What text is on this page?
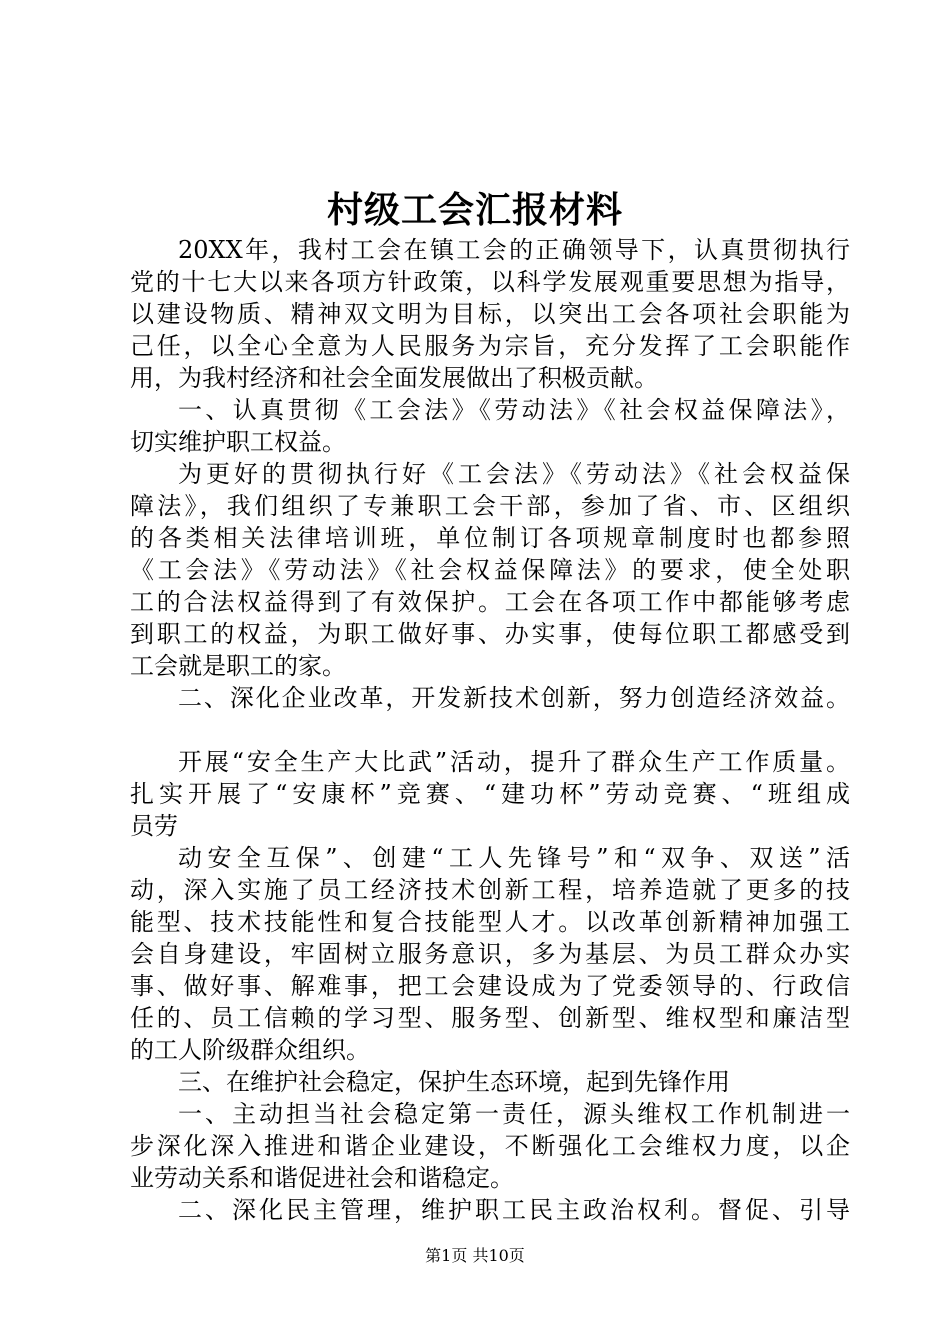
村级工会汇报材料
20XX年，我村工会在镇工会的正确领导下，认真贯彻执行
党的十七大以来各项方针政策，以科学发展观重要思想为指导，
以建设物质、精神双文明为目标，以突出工会各项社会职能为
己任，以全心全意为人民服务为宗旨，充分发挥了工会职能作
用，为我村经济和社会全面发展做出了积极贡献。
一、认真贯彻《工会法》《劳动法》《社会权益保障法》，
切实维护职工权益。
为更好的贯彻执行好《工会法》《劳动法》《社会权益保
障法》，我们组织了专兼职工会干部，参加了省、市、区组织
的各类相关法律培训班，单位制订各项规章制度时也都参照
《工会法》《劳动法》《社会权益保障法》的要求，使全处职
工的合法权益得到了有效保护。工会在各项工作中都能够考虑
到职工的权益，为职工做好事、办实事，使每位职工都感受到
工会就是职工的家。
二、深化企业改革，开发新技术创新，努力创造经济效益。
开展“安全生产大比武”活动，提升了群众生产工作质量。
扎实开展了“安康杯”竞赛、“建功杯”劳动竞赛、“班组成
员劳
动安全互保”、创建“工人先锋号”和“双争、双送”活
动，深入实施了员工经济技术创新工程，培养造就了更多的技
能型、技术技能性和复合技能型人才。以改革创新精神加强工
会自身建设，牢固树立服务意识，多为基层、为员工群众办实
事、做好事、解难事，把工会建设成为了党委领导的、行政信
任的、员工信赖的学习型、服务型、创新型、维权型和廉洁型
的工人阶级群众组织。
三、在维护社会稳定，保护生态环境，起到先锋作用
一、主动担当社会稳定第一责任，源头维权工作机制进一
步深化深入推进和谐企业建设，不断强化工会维权力度，以企
业劳动关系和谐促进社会和谐稳定。
二、深化民主管理，维护职工民主政治权利。督促、引导
第1页 共10页
